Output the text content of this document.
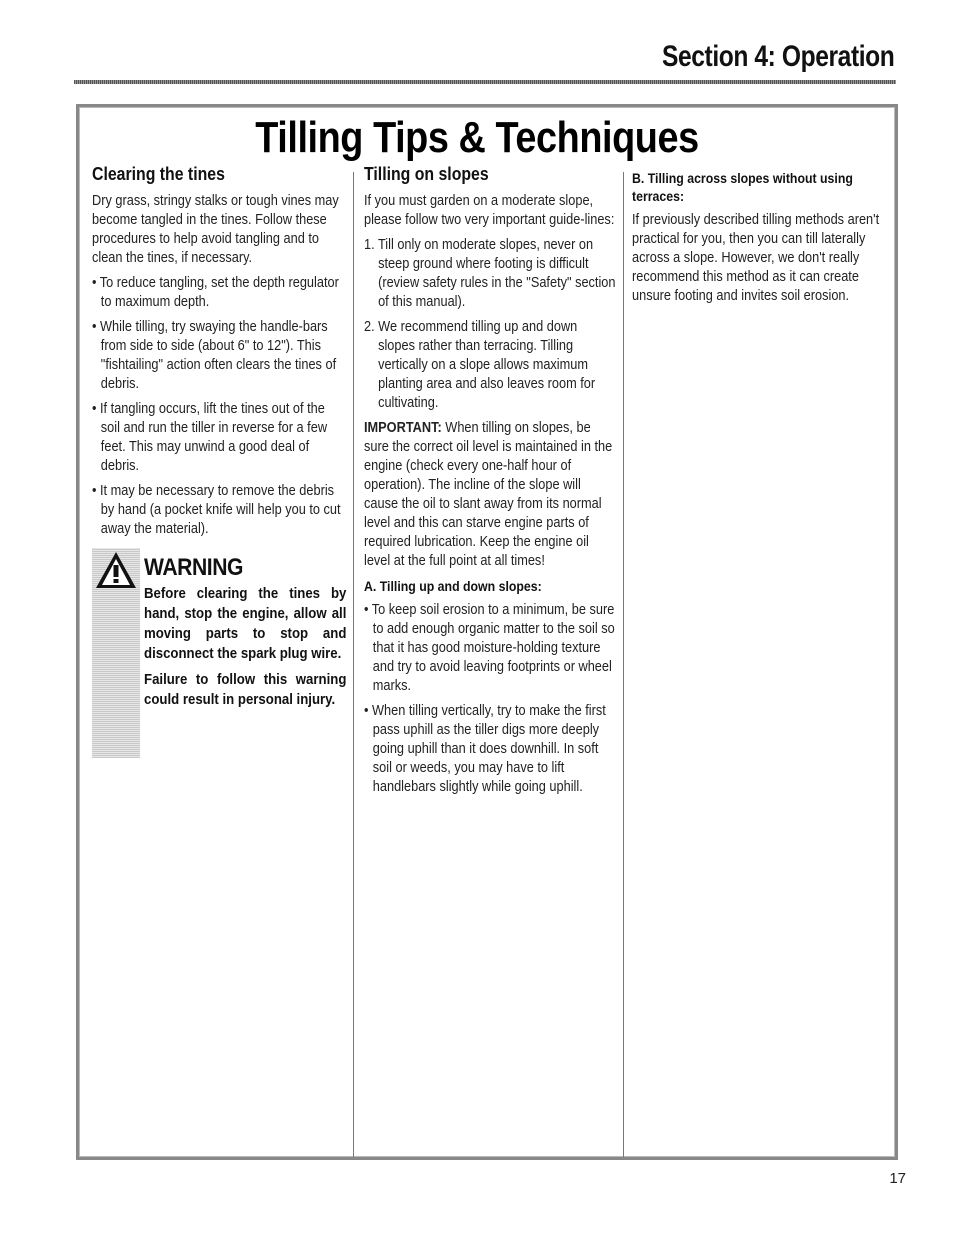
Section 4: Operation
Tilling Tips & Techniques
Clearing the tines

Dry grass, stringy stalks or tough vines may become tangled in the tines. Follow these procedures to help avoid tangling and to clean the tines, if necessary.

• To reduce tangling, set the depth regulator to maximum depth.

• While tilling, try swaying the handle-bars from side to side (about 6" to 12"). This "fishtailing" action often clears the tines of debris.

• If tangling occurs, lift the tines out of the soil and run the tiller in reverse for a few feet. This may unwind a good deal of debris.

• It may be necessary to remove the debris by hand (a pocket knife will help you to cut away the material).

WARNING

Before clearing the tines by hand, stop the engine, allow all moving parts to stop and disconnect the spark plug wire.

Failure to follow this warning could result in personal injury.

Tilling on slopes

If you must garden on a moderate slope, please follow two very important guide-lines:

1. Till only on moderate slopes, never on steep ground where footing is difficult (review safety rules in the "Safety" section of this manual).

2. We recommend tilling up and down slopes rather than terracing. Tilling vertically on a slope allows maximum planting area and also leaves room for cultivating.

IMPORTANT: When tilling on slopes, be sure the correct oil level is maintained in the engine (check every one-half hour of operation). The incline of the slope will cause the oil to slant away from its normal level and this can starve engine parts of required lubrication. Keep the engine oil level at the full point at all times!

A. Tilling up and down slopes:

• To keep soil erosion to a minimum, be sure to add enough organic matter to the soil so that it has good moisture-holding texture and try to avoid leaving footprints or wheel marks.

• When tilling vertically, try to make the first pass uphill as the tiller digs more deeply going uphill than it does downhill. In soft soil or weeds, you may have to lift handlebars slightly while going uphill.

B. Tilling across slopes without using terraces:

If previously described tilling methods aren't practical for you, then you can till laterally across a slope. However, we don't really recommend this method as it can create unsure footing and invites soil erosion.

17
